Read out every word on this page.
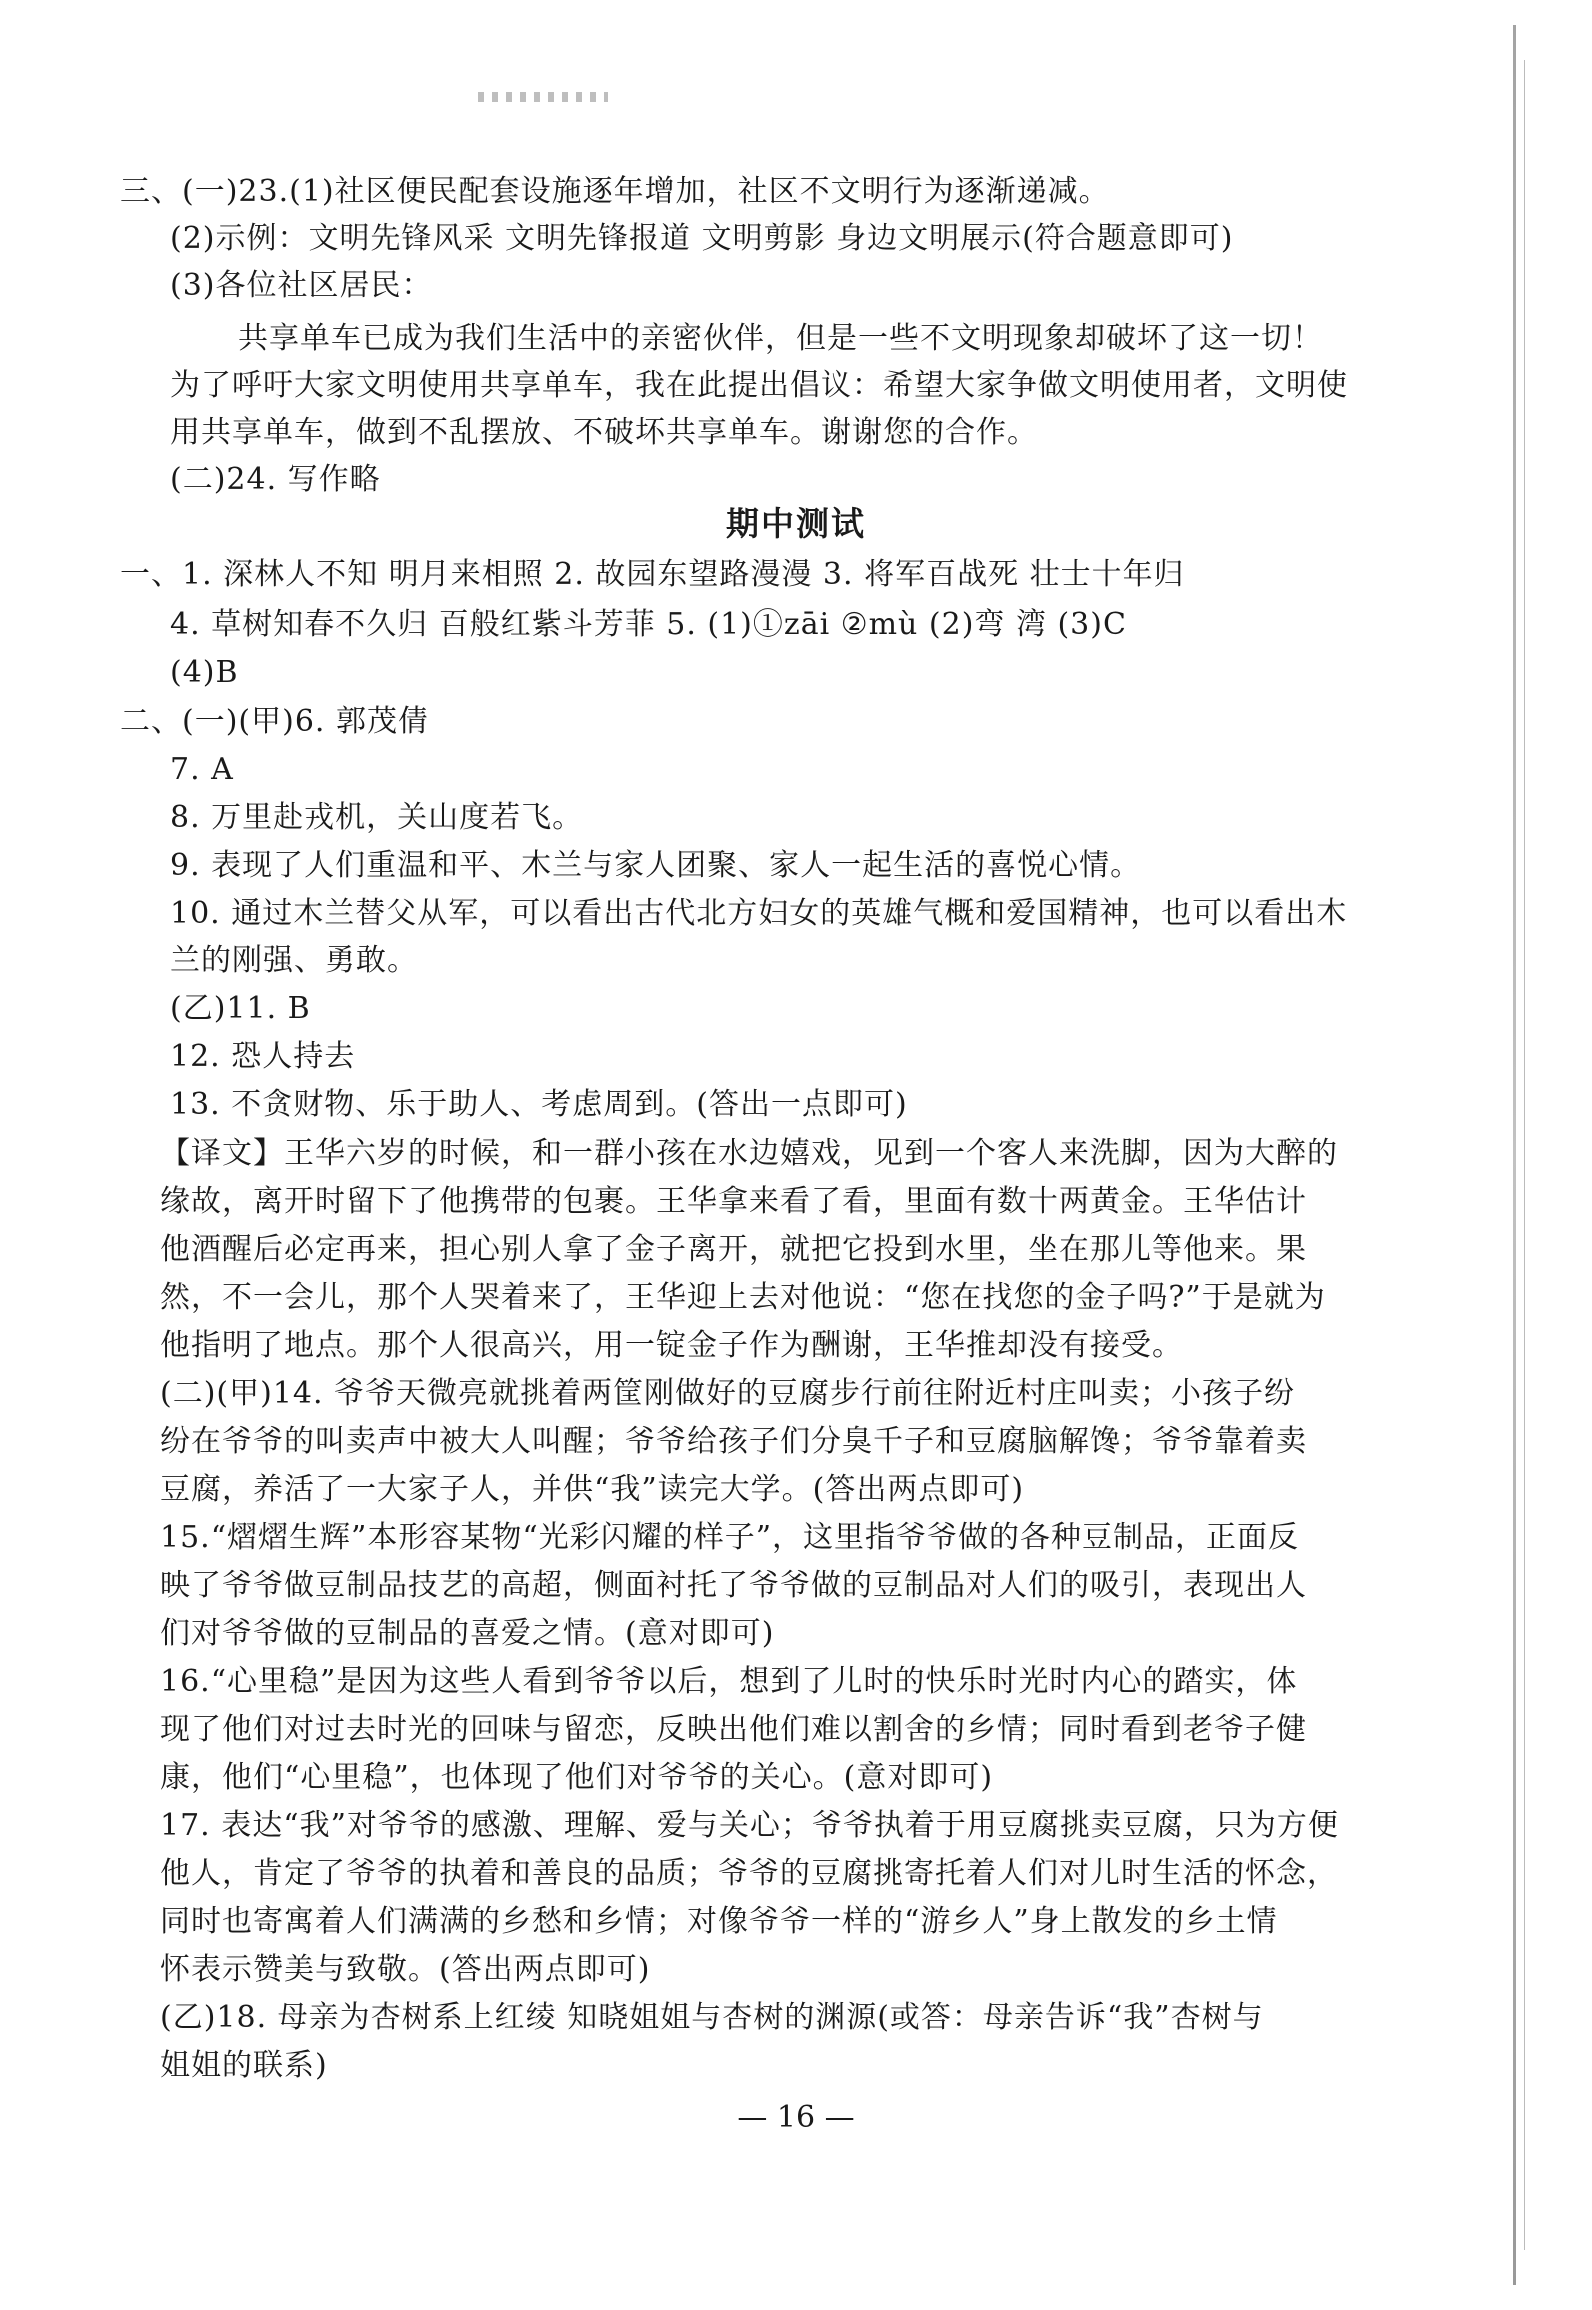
三、(一)23.(1)社区便民配套设施逐年增加，社区不文明行为逐渐递减。
(2)示例：文明先锋风采 文明先锋报道 文明剪影 身边文明展示(符合题意即可)
(3)各位社区居民：
共享单车已成为我们生活中的亲密伙伴，但是一些不文明现象却破坏了这一切！
为了呼吁大家文明使用共享单车，我在此提出倡议：希望大家争做文明使用者，文明使
用共享单车，做到不乱摆放、不破坏共享单车。谢谢您的合作。
(二)24. 写作略
期中测试
一、1. 深林人不知 明月来相照 2. 故园东望路漫漫 3. 将军百战死 壮士十年归
4. 草树知春不久归 百般红紫斗芳菲 5. (1)①zāi ②mù (2)弯 湾 (3)C
(4)B
二、(一)(甲)6. 郭茂倩
7. A
8. 万里赴戎机，关山度若飞。
9. 表现了人们重温和平、木兰与家人团聚、家人一起生活的喜悦心情。
10. 通过木兰替父从军，可以看出古代北方妇女的英雄气概和爱国精神，也可以看出木
兰的刚强、勇敢。
(乙)11. B
12. 恐人持去
13. 不贪财物、乐于助人、考虑周到。(答出一点即可)
【译文】王华六岁的时候，和一群小孩在水边嬉戏，见到一个客人来洗脚，因为大醉的
缘故，离开时留下了他携带的包裹。王华拿来看了看，里面有数十两黄金。王华估计
他酒醒后必定再来，担心别人拿了金子离开，就把它投到水里，坐在那儿等他来。果
然，不一会儿，那个人哭着来了，王华迎上去对他说：“您在找您的金子吗?”于是就为
他指明了地点。那个人很高兴，用一锭金子作为酬谢，王华推却没有接受。
(二)(甲)14. 爷爷天微亮就挑着两筐刚做好的豆腐步行前往附近村庄叫卖；小孩子纷
纷在爷爷的叫卖声中被大人叫醒；爷爷给孩子们分臭千子和豆腐脑解馋；爷爷靠着卖
豆腐，养活了一大家子人，并供“我”读完大学。(答出两点即可)
15.“熠熠生辉”本形容某物“光彩闪耀的样子”，这里指爷爷做的各种豆制品，正面反
映了爷爷做豆制品技艺的高超，侧面衬托了爷爷做的豆制品对人们的吸引，表现出人
们对爷爷做的豆制品的喜爱之情。(意对即可)
16.“心里稳”是因为这些人看到爷爷以后，想到了儿时的快乐时光时内心的踏实，体
现了他们对过去时光的回味与留恋，反映出他们难以割舍的乡情；同时看到老爷子健
康，他们“心里稳”，也体现了他们对爷爷的关心。(意对即可)
17. 表达“我”对爷爷的感激、理解、爱与关心；爷爷执着于用豆腐挑卖豆腐，只为方便
他人，肯定了爷爷的执着和善良的品质；爷爷的豆腐挑寄托着人们对儿时生活的怀念，
同时也寄寓着人们满满的乡愁和乡情；对像爷爷一样的“游乡人”身上散发的乡土情
怀表示赞美与致敬。(答出两点即可)
(乙)18. 母亲为杏树系上红绫 知晓姐姐与杏树的渊源(或答：母亲告诉“我”杏树与
姐姐的联系)
— 16 —
